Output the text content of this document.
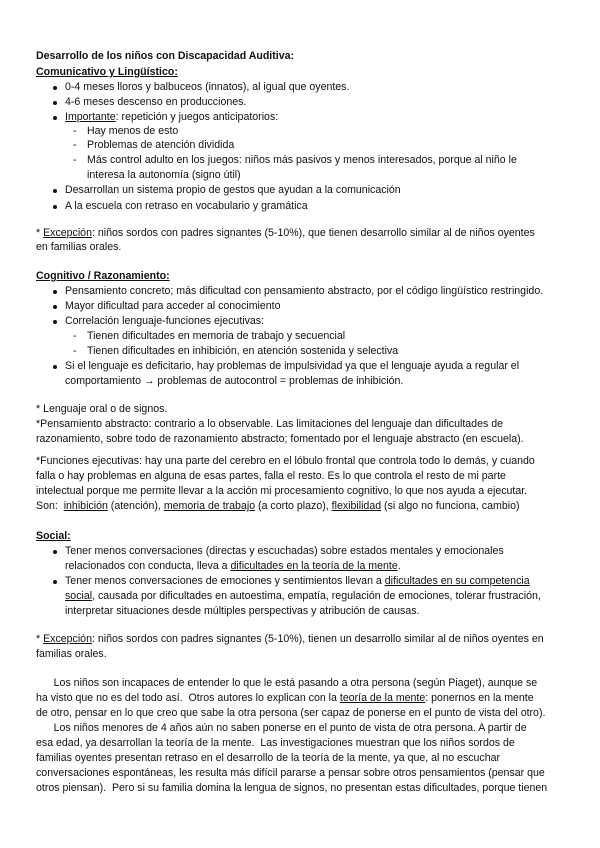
Desarrollo de los niños con Discapacidad Auditiva:
Comunicativo y Lingüístico:
0-4 meses lloros y balbuceos (innatos), al igual que oyentes.
4-6 meses descenso en producciones.
Importante: repetición y juegos anticipatorios:
- Hay menos de esto
- Problemas de atención dividida
- Más control adulto en los juegos: niños más pasivos y menos interesados, porque al niño le
interesa la autonomía (signo útil)
Desarrollan un sistema propio de gestos que ayudan a la comunicación
A la escuela con retraso en vocabulario y gramática
* Excepción: niños sordos con padres signantes (5-10%), que tienen desarrollo similar al de niños oyentes
en familias orales.
Cognitivo / Razonamiento:
Pensamiento concreto; más dificultad con pensamiento abstracto, por el código lingüístico restringido.
Mayor dificultad para acceder al conocimiento
Correlación lenguaje-funciones ejecutivas:
- Tienen dificultades en memoria de trabajo y secuencial
- Tienen dificultades en inhibición, en atención sostenida y selectiva
Si el lenguaje es deficitario, hay problemas de impulsividad ya que el lenguaje ayuda a regular el
comportamiento → problemas de autocontrol = problemas de inhibición.
* Lenguaje oral o de signos.
*Pensamiento abstracto: contrario a lo observable. Las limitaciones del lenguaje dan dificultades de
razonamiento, sobre todo de razonamiento abstracto; fomentado por el lenguaje abstracto (en escuela).
*Funciones ejecutivas: hay una parte del cerebro en el lóbulo frontal que controla todo lo demás, y cuando
falla o hay problemas en alguna de esas partes, falla el resto. Es lo que controla el resto de mi parte
intelectual porque me permite llevar a la acción mi procesamiento cognitivo, lo que nos ayuda a ejecutar.
Son:  inhibición (atención), memoria de trabajo (a corto plazo), flexibilidad (si algo no funciona, cambio)
Social:
Tener menos conversaciones (directas y escuchadas) sobre estados mentales y emocionales
relacionados con conducta, lleva a dificultades en la teoría de la mente.
Tener menos conversaciones de emociones y sentimientos llevan a dificultades en su competencia
social, causada por dificultades en autoestima, empatía, regulación de emociones, tolerar frustración,
interpretar situaciones desde múltiples perspectivas y atribución de causas.
* Excepción: niños sordos con padres signantes (5-10%), tienen un desarrollo similar al de niños oyentes en
familias orales.
Los niños son incapaces de entender lo que le está pasando a otra persona (según Piaget), aunque se
ha visto que no es del todo así.  Otros autores lo explican con la teoría de la mente: ponernos en la mente
de otro, pensar en lo que creo que sabe la otra persona (ser capaz de ponerse en el punto de vista del otro).
Los niños menores de 4 años aún no saben ponerse en el punto de vista de otra persona. A partir de
esa edad, ya desarrollan la teoría de la mente.  Las investigaciones muestran que los niños sordos de
familias oyentes presentan retraso en el desarrollo de la teoría de la mente, ya que, al no escuchar
conversaciones espontáneas, les resulta más difícil pararse a pensar sobre otros pensamientos (pensar que
otros piensan).  Pero si su familia domina la lengua de signos, no presentan estas dificultades, porque tienen
